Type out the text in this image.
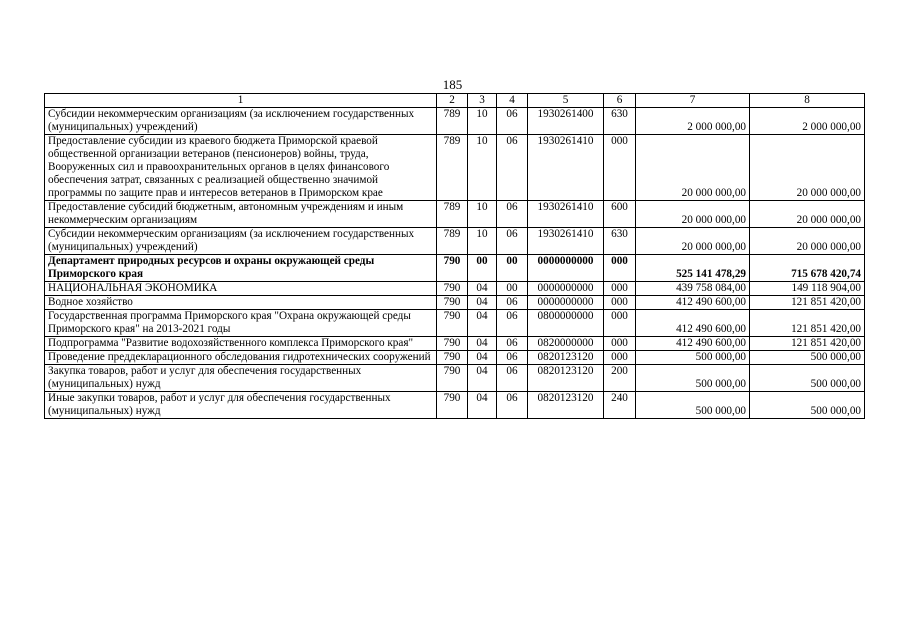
185
1	2	3	4	5	6	7	8
Субсидии некоммерческим организациям (за исключением государственных (муниципальных) учреждений)	789	10	06	1930261400	630	2 000 000,00	2 000 000,00
Предоставление субсидии из краевого бюджета Приморской краевой общественной организации ветеранов (пенсионеров) войны, труда, Вооруженных сил и правоохранительных органов в целях финансового обеспечения затрат, связанных с реализацией общественно значимой программы по защите прав и интересов ветеранов в Приморском крае	789	10	06	1930261410	000	20 000 000,00	20 000 000,00
Предоставление субсидий бюджетным, автономным учреждениям и иным некоммерческим организациям	789	10	06	1930261410	600	20 000 000,00	20 000 000,00
Субсидии некоммерческим организациям (за исключением государственных (муниципальных) учреждений)	789	10	06	1930261410	630	20 000 000,00	20 000 000,00
Департамент природных ресурсов и охраны окружающей среды Приморского края	790	00	00	0000000000	000	525 141 478,29	715 678 420,74
НАЦИОНАЛЬНАЯ ЭКОНОМИКА	790	04	00	0000000000	000	439 758 084,00	149 118 904,00
Водное хозяйство	790	04	06	0000000000	000	412 490 600,00	121 851 420,00
Государственная программа Приморского края "Охрана окружающей среды Приморского края" на 2013-2021 годы	790	04	06	0800000000	000	412 490 600,00	121 851 420,00
Подпрограмма "Развитие водохозяйственного комплекса Приморского края"	790	04	06	0820000000	000	412 490 600,00	121 851 420,00
Проведение преддекларационного обследования гидротехнических сооружений	790	04	06	0820123120	000	500 000,00	500 000,00
Закупка товаров, работ и услуг для обеспечения государственных (муниципальных) нужд	790	04	06	0820123120	200	500 000,00	500 000,00
Иные закупки товаров, работ и услуг для обеспечения государственных (муниципальных) нужд	790	04	06	0820123120	240	500 000,00	500 000,00
